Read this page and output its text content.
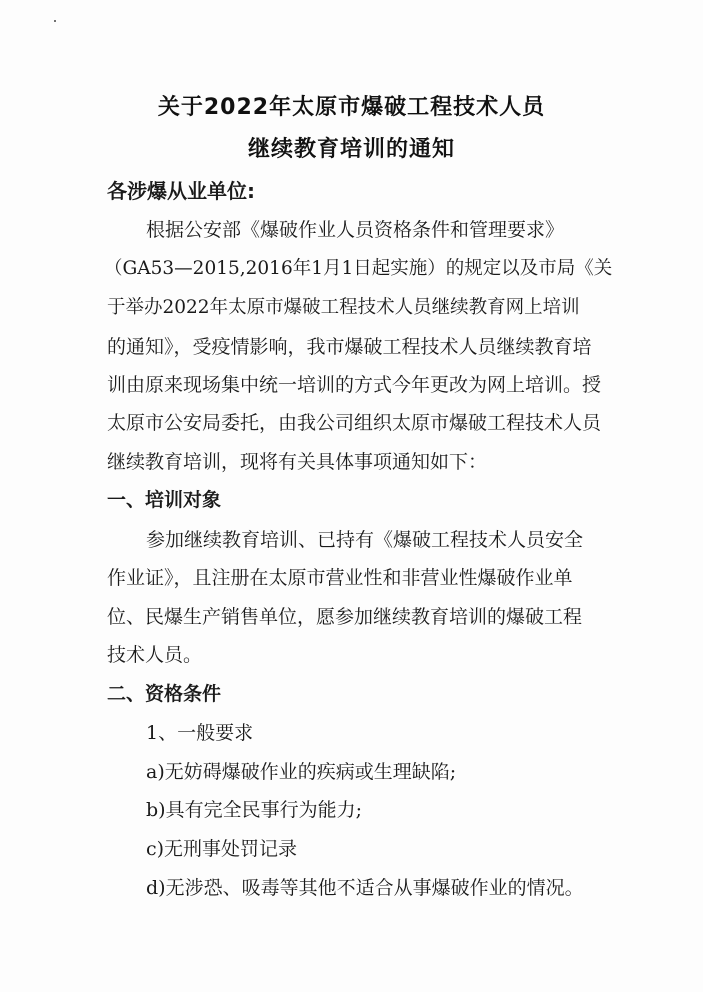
关于2022年太原市爆破工程技术人员
继续教育培训的通知
各涉爆从业单位:
根据公安部《爆破作业人员资格条件和管理要求》
（GA53—2015,2016年1月1日起实施）的规定以及市局《关
于举办2022年太原市爆破工程技术人员继续教育网上培训
的通知》，受疫情影响，我市爆破工程技术人员继续教育培
训由原来现场集中统一培训的方式今年更改为网上培训。授
太原市公安局委托，由我公司组织太原市爆破工程技术人员
继续教育培训，现将有关具体事项通知如下：
一、培训对象
参加继续教育培训、已持有《爆破工程技术人员安全
作业证》，且注册在太原市营业性和非营业性爆破作业单
位、民爆生产销售单位，愿参加继续教育培训的爆破工程
技术人员。
二、资格条件
1、一般要求
a)无妨碍爆破作业的疾病或生理缺陷;
b)具有完全民事行为能力;
c)无刑事处罚记录
d)无涉恐、吸毒等其他不适合从事爆破作业的情况。
